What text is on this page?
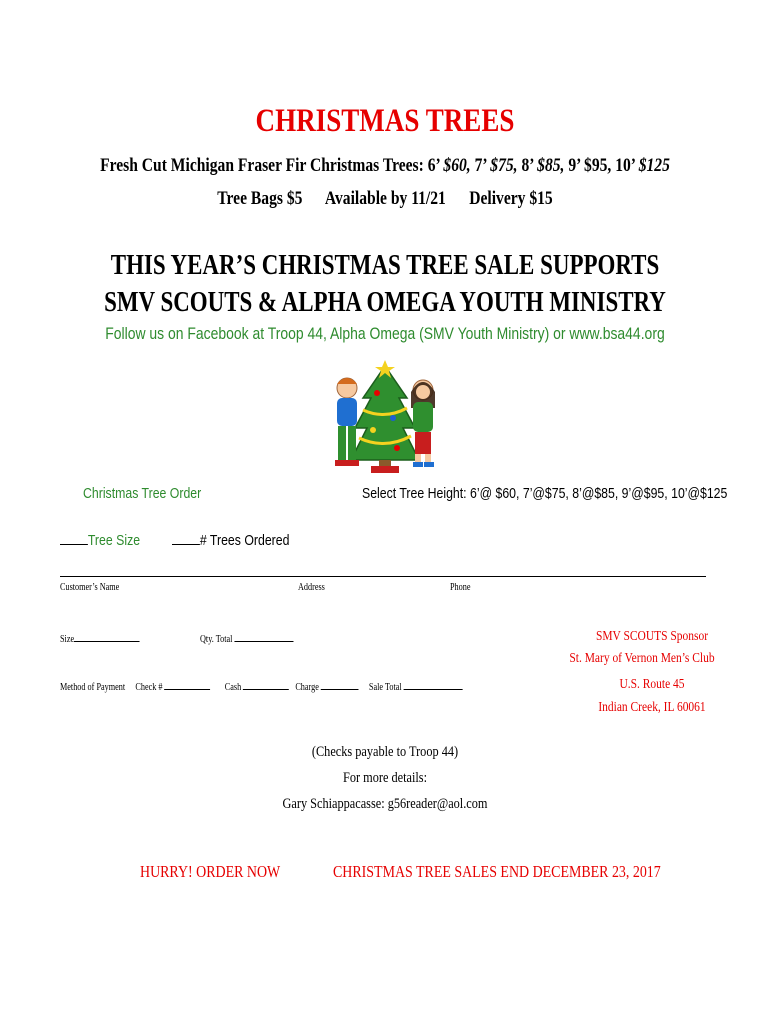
CHRISTMAS TREES
Fresh Cut Michigan Fraser Fir Christmas Trees: 6’ $60, 7’ $75, 8’ $85, 9’ $95, 10’ $125
Tree Bags $5 Available by 11/21 Delivery $15
THIS YEAR’S CHRISTMAS TREE SALE SUPPORTS
SMV SCOUTS & ALPHA OMEGA YOUTH MINISTRY
Follow us on Facebook at Troop 44, Alpha Omega (SMV Youth Ministry) or www.bsa44.org
Christmas Tree Order	Select Tree Height: 6’@ $60, 7’@$75, 8’@$85, 9’@$95, 10’@$125
Tree Size	# Trees Ordered
Customer’s Name	Address	Phone
Size	Qty. Total
Method of Payment Check #	Cash	Charge	Sale Total
SMV SCOUTS Sponsor
St. Mary of Vernon Men’s Club
U.S. Route 45
Indian Creek, IL 60061
(Checks payable to Troop 44)
For more details:
Gary Schiappacasse: g56reader@aol.com
HURRY! ORDER NOW	CHRISTMAS TREE SALES END DECEMBER 23, 2017
